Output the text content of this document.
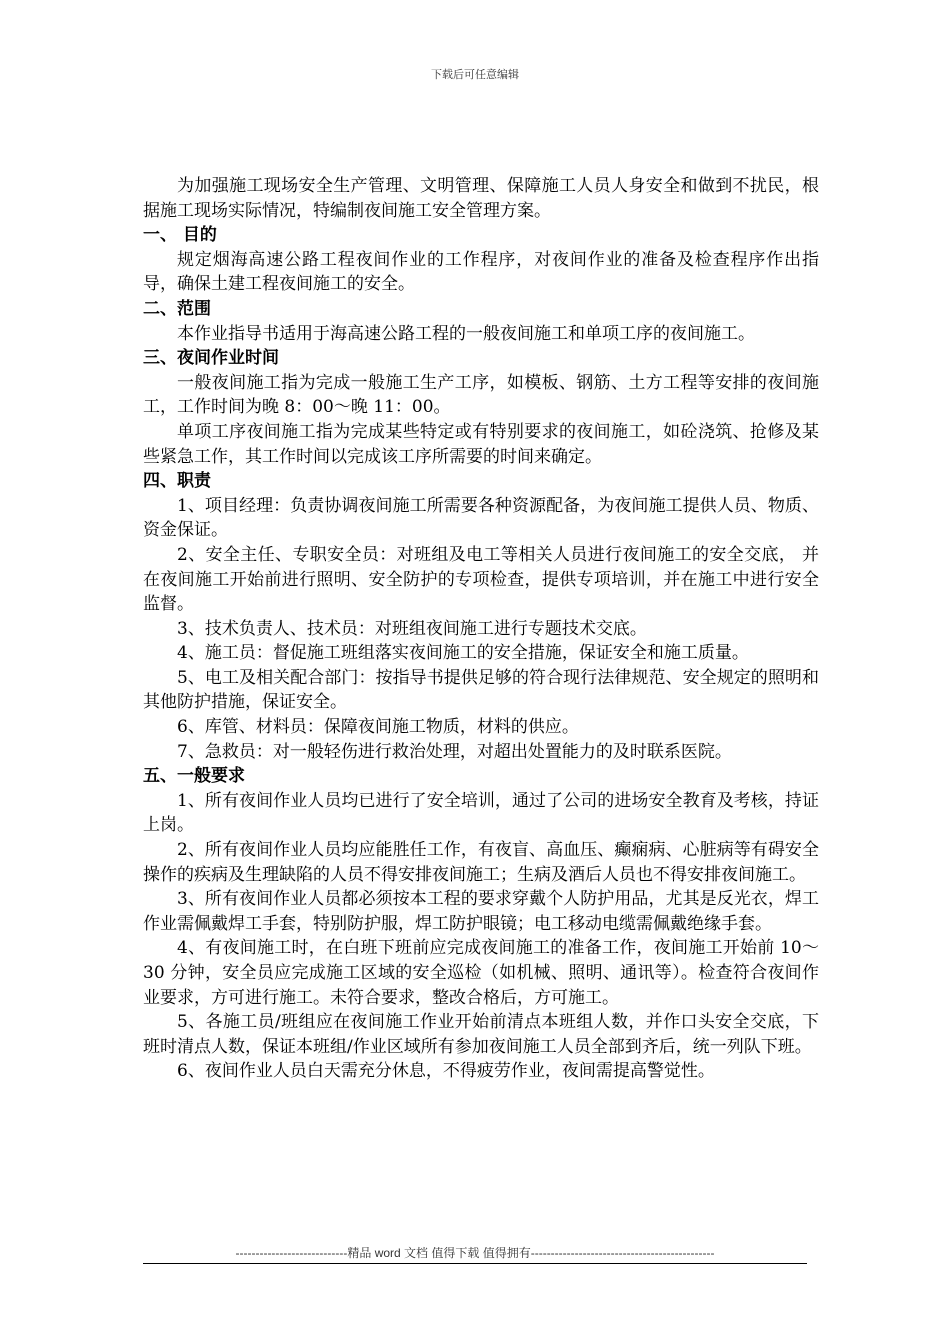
下载后可任意编辑

为加强施工现场安全生产管理、文明管理、保障施工人员人身安全和做到不扰民，根据施工现场实际情况，特编制夜间施工安全管理方案。

一、 目的

规定烟海高速公路工程夜间作业的工作程序，对夜间作业的准备及检查程序作出指导，确保土建工程夜间施工的安全。

二、范围

本作业指导书适用于海高速公路工程的一般夜间施工和单项工序的夜间施工。

三、夜间作业时间

一般夜间施工指为完成一般施工生产工序，如模板、钢筋、土方工程等安排的夜间施工，工作时间为晚 8：00～晚 11：00。

单项工序夜间施工指为完成某些特定或有特别要求的夜间施工，如砼浇筑、抢修及某些紧急工作，其工作时间以完成该工序所需要的时间来确定。

四、职责

1、项目经理：负责协调夜间施工所需要各种资源配备，为夜间施工提供人员、物质、资金保证。

2、安全主任、专职安全员：对班组及电工等相关人员进行夜间施工的安全交底， 并在夜间施工开始前进行照明、安全防护的专项检查，提供专项培训，并在施工中进行安全监督。

3、技术负责人、技术员：对班组夜间施工进行专题技术交底。

4、施工员：督促施工班组落实夜间施工的安全措施，保证安全和施工质量。

5、电工及相关配合部门：按指导书提供足够的符合现行法律规范、安全规定的照明和其他防护措施，保证安全。

6、库管、材料员：保障夜间施工物质，材料的供应。

7、急救员：对一般轻伤进行救治处理，对超出处置能力的及时联系医院。

五、一般要求

1、所有夜间作业人员均已进行了安全培训，通过了公司的进场安全教育及考核，持证上岗。

2、所有夜间作业人员均应能胜任工作，有夜盲、高血压、癫痫病、心脏病等有碍安全操作的疾病及生理缺陷的人员不得安排夜间施工；生病及酒后人员也不得安排夜间施工。

3、所有夜间作业人员都必须按本工程的要求穿戴个人防护用品，尤其是反光衣，焊工作业需佩戴焊工手套，特别防护服，焊工防护眼镜；电工移动电缆需佩戴绝缘手套。

4、有夜间施工时，在白班下班前应完成夜间施工的准备工作，夜间施工开始前 10～30 分钟，安全员应完成施工区域的安全巡检（如机械、照明、通讯等）。检查符合夜间作业要求，方可进行施工。未符合要求，整改合格后，方可施工。

5、各施工员/班组应在夜间施工作业开始前清点本班组人数，并作口头安全交底，下班时清点人数，保证本班组/作业区域所有参加夜间施工人员全部到齐后，统一列队下班。

6、夜间作业人员白天需充分休息，不得疲劳作业，夜间需提高警觉性。

----------------------------精品 word 文档 值得下载 值得拥有----------------------------------------------
